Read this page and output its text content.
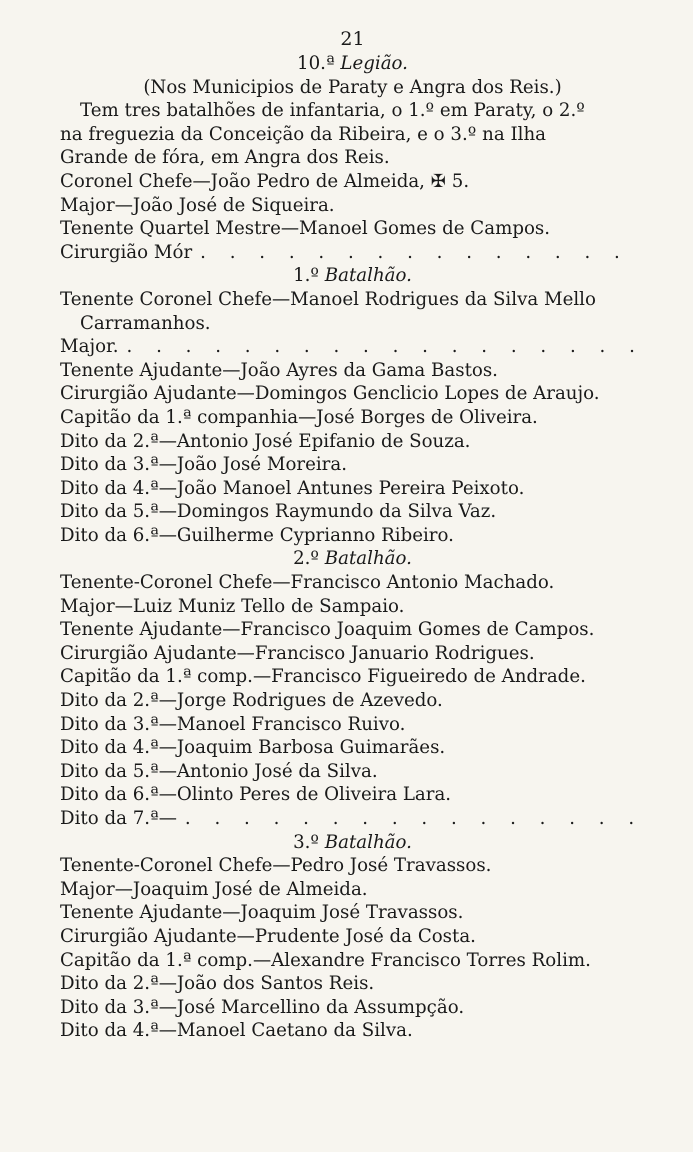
21
10.ª Legião.
(Nos Municipios de Paraty e Angra dos Reis.)
Tem tres batalhões de infantaria, o 1.º em Paraty, o 2.º
na freguezia da Conceição da Ribeira, e o 3.º na Ilha
Grande de fóra, em Angra dos Reis.
Coronel Chefe—João Pedro de Almeida, ✠ 5.
Major—João José de Siqueira.
Tenente Quartel Mestre—Manoel Gomes de Campos.
Cirurgião Mór
. . .
1.º Batalhão.
Tenente Coronel Chefe—Manoel Rodrigues da Silva Mello
Carramanhos.
Major.
. . .
Tenente Ajudante—João Ayres da Gama Bastos.
Cirurgião Ajudante—Domingos Genclicio Lopes de Araujo.
Capitão da 1.ª companhia—José Borges de Oliveira.
Dito da 2.ª—Antonio José Epifanio de Souza.
Dito da 3.ª—João José Moreira.
Dito da 4.ª—João Manoel Antunes Pereira Peixoto.
Dito da 5.ª—Domingos Raymundo da Silva Vaz.
Dito da 6.ª—Guilherme Cyprianno Ribeiro.
2.º Batalhão.
Tenente-Coronel Chefe—Francisco Antonio Machado.
Major—Luiz Muniz Tello de Sampaio.
Tenente Ajudante—Francisco Joaquim Gomes de Campos.
Cirurgião Ajudante—Francisco Januario Rodrigues.
Capitão da 1.ª comp.—Francisco Figueiredo de Andrade.
Dito da 2.ª—Jorge Rodrigues de Azevedo.
Dito da 3.ª—Manoel Francisco Ruivo.
Dito da 4.ª—Joaquim Barbosa Guimarães.
Dito da 5.ª—Antonio José da Silva.
Dito da 6.ª—Olinto Peres de Oliveira Lara.
Dito da 7.ª—
. . .
3.º Batalhão.
Tenente-Coronel Chefe—Pedro José Travassos.
Major—Joaquim José de Almeida.
Tenente Ajudante—Joaquim José Travassos.
Cirurgião Ajudante—Prudente José da Costa.
Capitão da 1.ª comp.—Alexandre Francisco Torres Rolim.
Dito da 2.ª—João dos Santos Reis.
Dito da 3.ª—José Marcellino da Assumpção.
Dito da 4.ª—Manoel Caetano da Silva.
